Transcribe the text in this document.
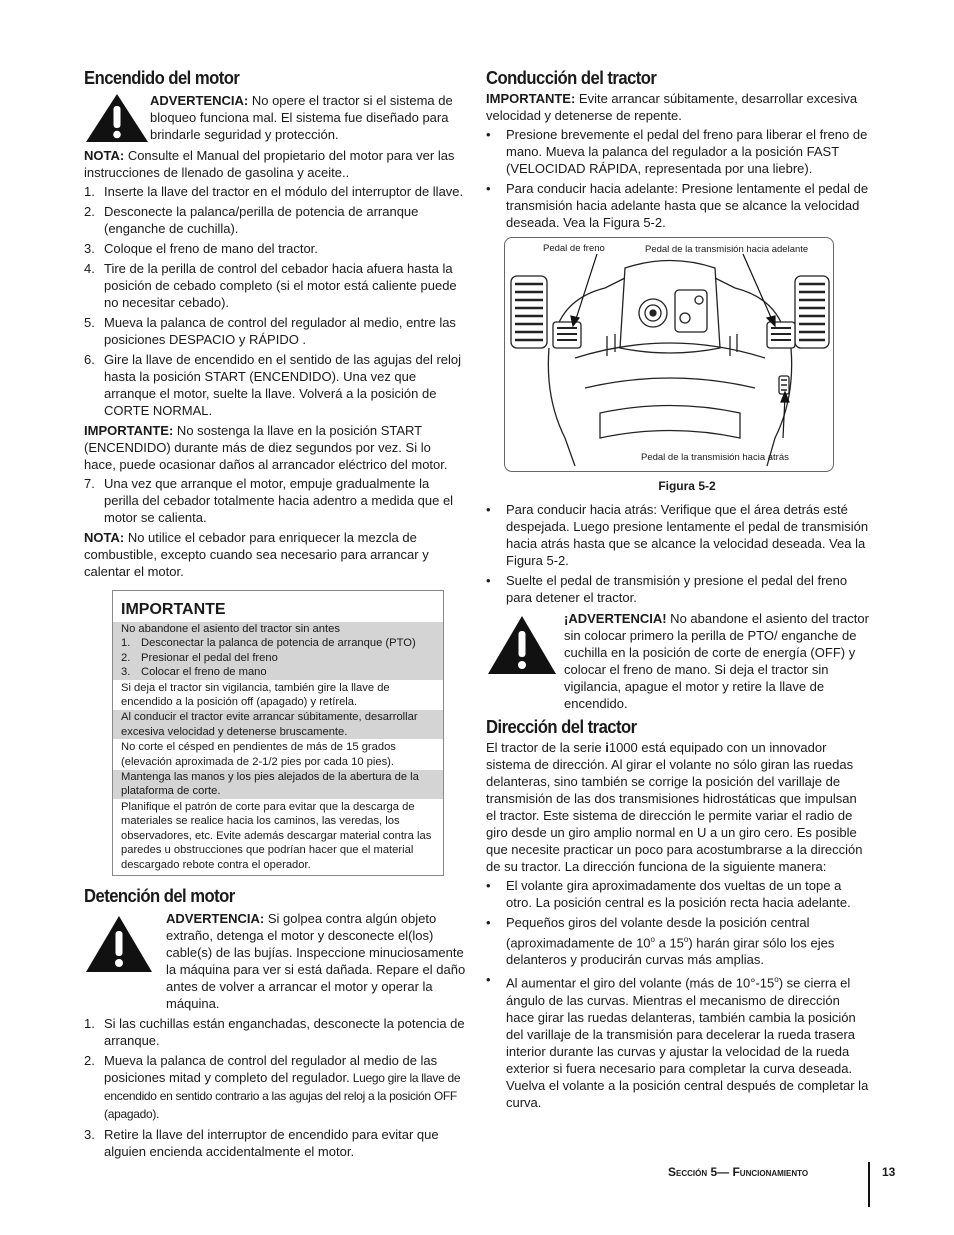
Encendido del motor
ADVERTENCIA: No opere el tractor si el sistema de bloqueo funciona mal. El sistema fue diseñado para brindarle seguridad y protección.

NOTA: Consulte el Manual del propietario del motor para ver las instrucciones de llenado de gasolina y aceite..

1. Inserte la llave del tractor en el módulo del interruptor de llave.
2. Desconecte la palanca/perilla de potencia de arranque (enganche de cuchilla).
3. Coloque el freno de mano del tractor.
4. Tire de la perilla de control del cebador hacia afuera hasta la posición de cebado completo (si el motor está caliente puede no necesitar cebado).
5. Mueva la palanca de control del regulador al medio, entre las posiciones DESPACIO y RÁPIDO .
6. Gire la llave de encendido en el sentido de las agujas del reloj hasta la posición START (ENCENDIDO). Una vez que arranque el motor, suelte la llave. Volverá a la posición de CORTE NORMAL.

IMPORTANTE: No sostenga la llave en la posición START (ENCENDIDO) durante más de diez segundos por vez. Si lo hace, puede ocasionar daños al arrancador eléctrico del motor.

7. Una vez que arranque el motor, empuje gradualmente la perilla del cebador totalmente hacia adentro a medida que el motor se calienta.

NOTA: No utilice el cebador para enriquecer la mezcla de combustible, excepto cuando sea necesario para arrancar y calentar el motor.

IMPORTANTE
No abandone el asiento del tractor sin antes
1. Desconectar la palanca de potencia de arranque (PTO)
2. Presionar el pedal del freno
3. Colocar el freno de mano
Si deja el tractor sin vigilancia, también gire la llave de encendido a la posición off (apagado) y retírela.
Al conducir el tractor evite arrancar súbitamente, desarrollar excesiva velocidad y detenerse bruscamente.
No corte el césped en pendientes de más de 15 grados (elevación aproximada de 2-1/2 pies por cada 10 pies).
Mantenga las manos y los pies alejados de la abertura de la plataforma de corte.
Planifique el patrón de corte para evitar que la descarga de materiales se realice hacia los caminos, las veredas, los observadores, etc. Evite además descargar material contra las paredes u obstrucciones que podrían hacer que el material descargado rebote contra el operador.
Detención del motor
ADVERTENCIA: Si golpea contra algún objeto extraño, detenga el motor y desconecte el(los) cable(s) de las bujías. Inspeccione minuciosamente la máquina para ver si está dañada. Repare el daño antes de volver a arrancar el motor y operar la máquina.
1. Si las cuchillas están enganchadas, desconecte la potencia de arranque.
2. Mueva la palanca de control del regulador al medio de las posiciones mitad y completo del regulador. Luego gire la llave de encendido en sentido contrario a las agujas del reloj a la posición OFF (apagado).
3. Retire la llave del interruptor de encendido para evitar que alguien encienda accidentalmente el motor.
Conducción del tractor

IMPORTANTE: Evite arrancar súbitamente, desarrollar excesiva velocidad y detenerse de repente.

•	Presione brevemente el pedal del freno para liberar el freno de mano. Mueva la palanca del regulador a la posición FAST (VELOCIDAD RÁPIDA, representada por una liebre).
•	Para conducir hacia adelante: Presione lentamente el pedal de transmisión hacia adelante hasta que se alcance la velocidad deseada. Vea la Figura 5-2.
Pedal de freno	Pedal de la transmisión hacia adelante
Pedal de la transmisión hacia atrás
Figura 5-2
•	Para conducir hacia atrás: Verifique que el área detrás esté despejada. Luego presione lentamente el pedal de transmisión hacia atrás hasta que se alcance la velocidad deseada. Vea la Figura 5-2.
•	Suelte el pedal de transmisión y presione el pedal del freno para detener el tractor.
¡ADVERTENCIA! No abandone el asiento del tractor sin colocar primero la perilla de PTO/ enganche de cuchilla en la posición de corte de energía (OFF) y colocar el freno de mano. Si deja el tractor sin vigilancia, apague el motor y retire la llave de encendido.
Dirección del tractor

El tractor de la serie i1000 está equipado con un innovador sistema de dirección. Al girar el volante no sólo giran las ruedas delanteras, sino también se corrige la posición del varillaje de transmisión de las dos transmisiones hidrostáticas que impulsan el tractor. Este sistema de dirección le permite variar el radio de giro desde un giro amplio normal en U a un giro cero. Es posible que necesite practicar un poco para acostumbrarse a la dirección de su tractor. La dirección funciona de la siguiente manera:

•	El volante gira aproximadamente dos vueltas de un tope a otro. La posición central es la posición recta hacia adelante.
•	Pequeños giros del volante desde la posición central (aproximadamente de 10$^o$ a 15$^o$) harán girar sólo los ejes delanteros y producirán curvas más amplias.
•	Al aumentar el giro del volante (más de 10°-15$^o$) se cierra el ángulo de las curvas. Mientras el mecanismo de dirección hace girar las ruedas delanteras, también cambia la posición del varillaje de la transmisión para decelerar la rueda trasera interior durante las curvas y ajustar la velocidad de la rueda exterior si fuera necesario para completar la curva deseada. Vuelva el volante a la posición central después de completar la curva.
Sección 5— Funcionamiento	13
